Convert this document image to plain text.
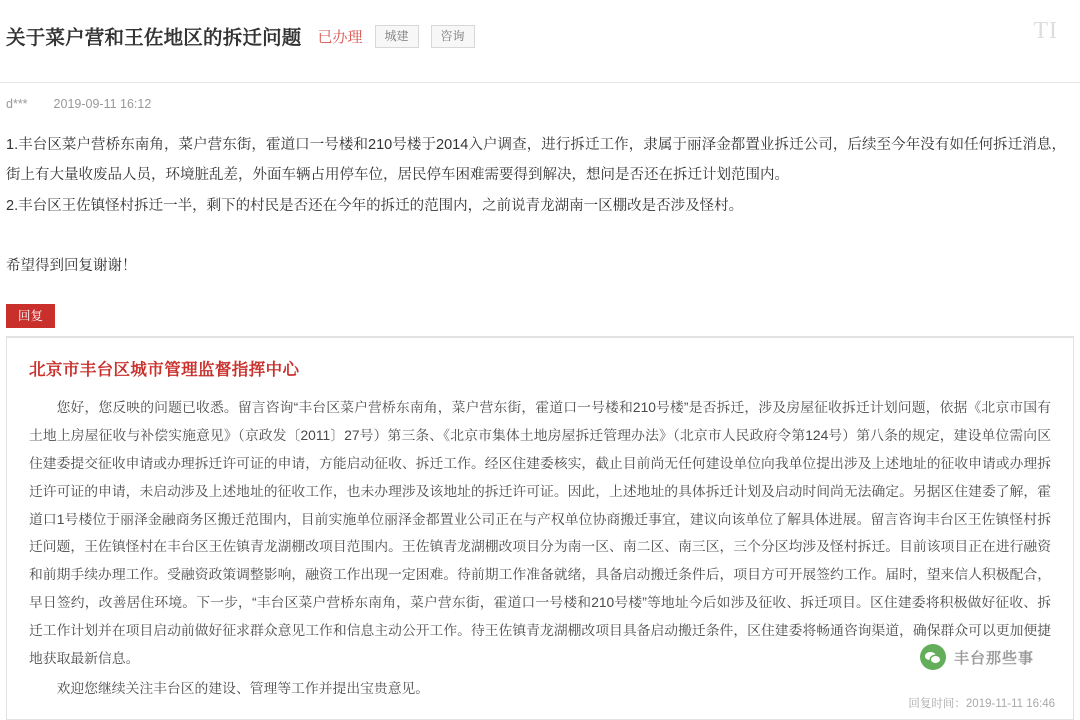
关于菜户营和王佐地区的拆迁问题 已办理	城建	咨询	TI
d*** 2019-09-11 16:12

1.丰台区菜户营桥东南角，菜户营东街，霍道口一号楼和210号楼于2014入户调查，进行拆迁工作，隶属于丽泽金都置业拆迁公司，后续至今年没有如任何拆迁消息，街上有大量收废品人员，环境脏乱差，外面车辆占用停车位，居民停车困难需要得到解决，想问是否还在拆迁计划范围内。

2.丰台区王佐镇怪村拆迁一半，剩下的村民是否还在今年的拆迁的范围内，之前说青龙湖南一区棚改是否涉及怪村。

希望得到回复谢谢！

回复
北京市丰台区城市管理监督指挥中心

您好，您反映的问题已收悉。留言咨询“丰台区菜户营桥东南角，菜户营东街，霍道口一号楼和210号楼”是否拆迁，涉及房屋征收拆迁计划问题，依据《北京市国有土地上房屋征收与补偿实施意见》（京政发〔2011〕27号）第三条、《北京市集体土地房屋拆迁管理办法》（北京市人民政府令第124号）第八条的规定，建设单位需向区住建委提交征收申请或办理拆迁许可证的申请，方能启动征收、拆迁工作。经区住建委核实，截止目前尚无任何建设单位向我单位提出涉及上述地址的征收申请或办理拆迁许可证的申请，未启动涉及上述地址的征收工作，也未办理涉及该地址的拆迁许可证。因此，上述地址的具体拆迁计划及启动时间尚无法确定。另据区住建委了解，霍道口1号楼位于丽泽金融商务区搬迁范围内，目前实施单位丽泽金都置业公司正在与产权单位协商搬迁事宜，建议向该单位了解具体进展。留言咨询丰台区王佐镇怪村拆迁问题，王佐镇怪村在丰台区王佐镇青龙湖棚改项目范围内。王佐镇青龙湖棚改项目分为南一区、南二区、南三区，三个分区均涉及怪村拆迁。目前该项目正在进行融资和前期手续办理工作。受融资政策调整影响，融资工作出现一定困难。待前期工作准备就绪，具备启动搬迁条件后，项目方可开展签约工作。届时，望来信人积极配合，早日签约，改善居住环境。下一步，“丰台区菜户营桥东南角，菜户营东街，霍道口一号楼和210号楼”等地址今后如涉及征收、拆迁项目。区住建委将积极做好征收、拆迁工作计划并在项目启动前做好征求群众意见工作和信息主动公开工作。待王佐镇青龙湖棚改项目具备启动搬迁条件，区住建委将畅通咨询渠道，确保群众可以更加便捷地获取最新信息。

欢迎您继续关注丰台区的建设、管理等工作并提出宝贵意见。

回复时间：2019-11-11 16:46
丰台那些事
